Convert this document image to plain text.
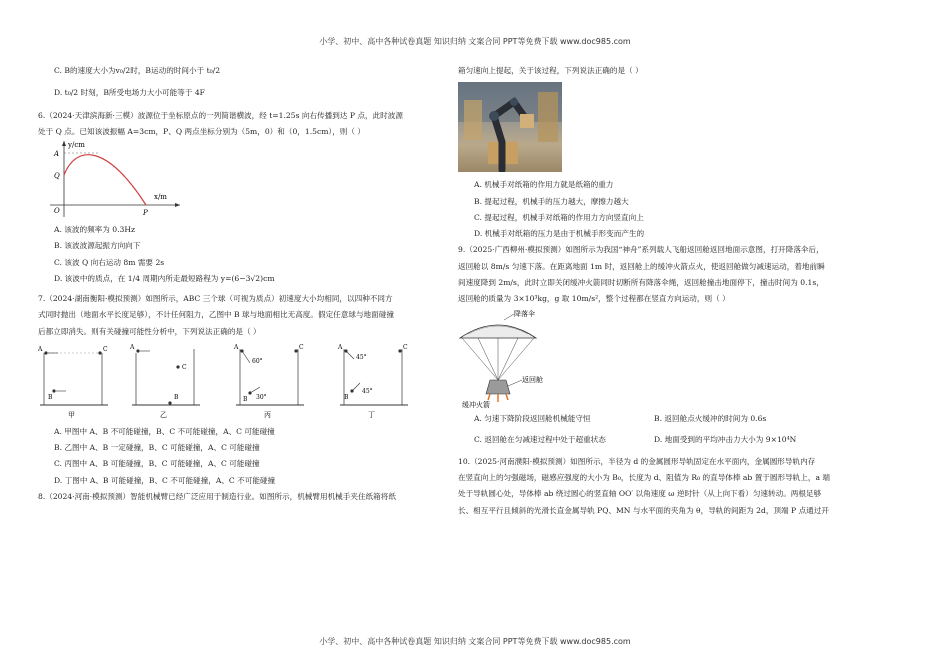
小学、初中、高中各种试卷真题 知识归纳 文案合同 PPT等免费下载 www.doc985.com

C. B的速度大小为v₀/2时，B运动的时间小于 t₀/2

D. t₀/2 时刻，B所受电场力大小可能等于 4F

6.（2024·天津滨海新·三模）波源位于坐标原点的一列简谐横波，经 t=1.25s 向右传播到达 P 点，此时波源

处于 Q 点。已知该波振幅 A=3cm，P、Q 两点坐标分别为（5m，0）和（0，1.5cm），则（ ）

y/cm
x/m
A
Q
O	P

A. 该波的频率为 0.3Hz

B. 该波波源起振方向向下

C. 该波 Q 向右运动 8m 需要 2s

D. 该波中的质点，在 1/4 周期内所走最短路程为 y=(6−3√2)cm

7.（2024·湖南衡阳·模拟预测）如图所示，ABC 三个球（可视为质点）初速度大小均相同，以四种不同方

式同时抛出（地面水平长度足够），不计任何阻力，乙图中 B 球与地面相比无高度。假定任意球与地面碰撞

后都立即消失。则有关碰撞可能性分析中，下列说法正确的是（ ）

A	C
B
甲
A
C
B
乙
A	C
B
60°
30°
丙
A	C
B
45°
45°
丁

A. 甲图中 A、B 不可能碰撞，B、C 不可能碰撞，A、C 可能碰撞

B. 乙图中 A、B 一定碰撞，B、C 可能碰撞，A、C 可能碰撞

C. 丙图中 A、B 可能碰撞，B、C 可能碰撞，A、C 可能碰撞

D. 丁图中 A、B 可能碰撞，B、C 不可能碰撞，A、C 不可能碰撞

8.（2024·河南·模拟预测）智能机械臂已经广泛应用于制造行业。如图所示，机械臂用机械手夹住纸箱将纸

箱匀速向上提起，关于该过程，下列说法正确的是（ ）

A. 机械手对纸箱的作用力就是纸箱的重力

B. 提起过程，机械手的压力越大，摩擦力越大

C. 提起过程，机械手对纸箱的作用力方向竖直向上

D. 机械手对纸箱的压力是由于机械手形变而产生的

9.（2025·广西柳州·模拟预测）如图所示为我国“神舟”系列载人飞船返回舱返回地面示意图，打开降落伞后，

返回舱以 8m/s 匀速下落。在距离地面 1m 时，返回舱上的缓冲火箭点火，使返回舱做匀减速运动，着地前瞬

间速度降到 2m/s，此时立即关闭缓冲火箭同时切断所有降落伞绳，返回舱撞击地面停下，撞击时间为 0.1s，

返回舱的质量为 3×10³kg，g 取 10m/s²，整个过程都在竖直方向运动，则（ ）

降落伞
返回舱
缓冲火箭

A. 匀速下降阶段返回舱机械能守恒	B. 返回舱点火缓冲的时间为 0.6s

C. 返回舱在匀减速过程中处于超重状态	D. 地面受到的平均冲击力大小为 9×10⁴N

10.（2025·河南濮阳·模拟预测）如图所示，半径为 d 的金属圆形导轨固定在水平面内，金属圆形导轨内存

在竖直向上的匀强磁场，磁感应强度的大小为 B₀，长度为 d、阻值为 R₀ 的直导体棒 ab 置于圆形导轨上，a 端

处于导轨圆心处，导体棒 ab 绕过圆心的竖直轴 OO′ 以角速度 ω 逆时针（从上向下看）匀速转动。两根足够

长、相互平行且倾斜的光滑长直金属导轨 PQ、MN 与水平面的夹角为 θ，导轨的间距为 2d，顶端 P 点通过开

小学、初中、高中各种试卷真题 知识归纳 文案合同 PPT等免费下载 www.doc985.com
